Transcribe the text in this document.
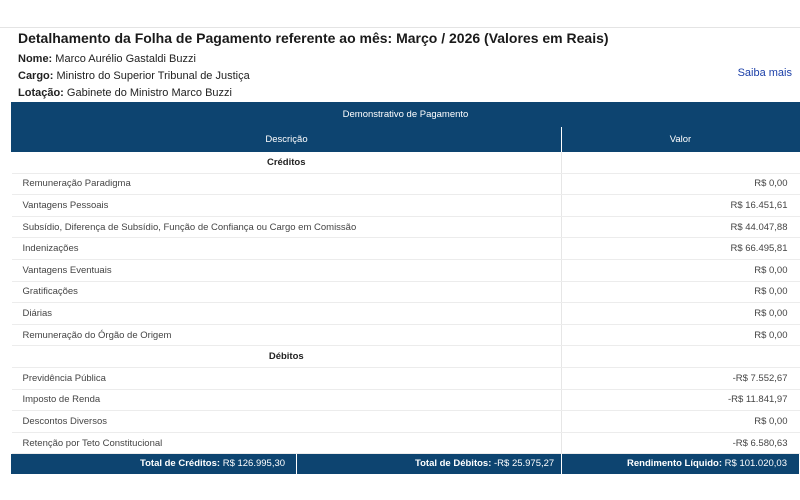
Detalhamento da Folha de Pagamento referente ao mês: Março / 2026 (Valores em Reais)
Nome: Marco Aurélio Gastaldi Buzzi
Cargo: Ministro do Superior Tribunal de Justiça
Lotação: Gabinete do Ministro Marco Buzzi
Saiba mais
Demonstrativo de Pagamento	
Descrição	Valor
Créditos	
Remuneração Paradigma	R$ 0,00
Vantagens Pessoais	R$ 16.451,61
Subsídio, Diferença de Subsídio, Função de Confiança ou Cargo em Comissão	R$ 44.047,88
Indenizações	R$ 66.495,81
Vantagens Eventuais	R$ 0,00
Gratificações	R$ 0,00
Diárias	R$ 0,00
Remuneração do Órgão de Origem	R$ 0,00
Débitos	
Previdência Pública	-R$ 7.552,67
Imposto de Renda	-R$ 11.841,97
Descontos Diversos	R$ 0,00
Retenção por Teto Constitucional	-R$ 6.580,63
Total de Créditos: R$ 126.995,30	Total de Débitos: -R$ 25.975,27	Rendimento Líquido: R$ 101.020,03
